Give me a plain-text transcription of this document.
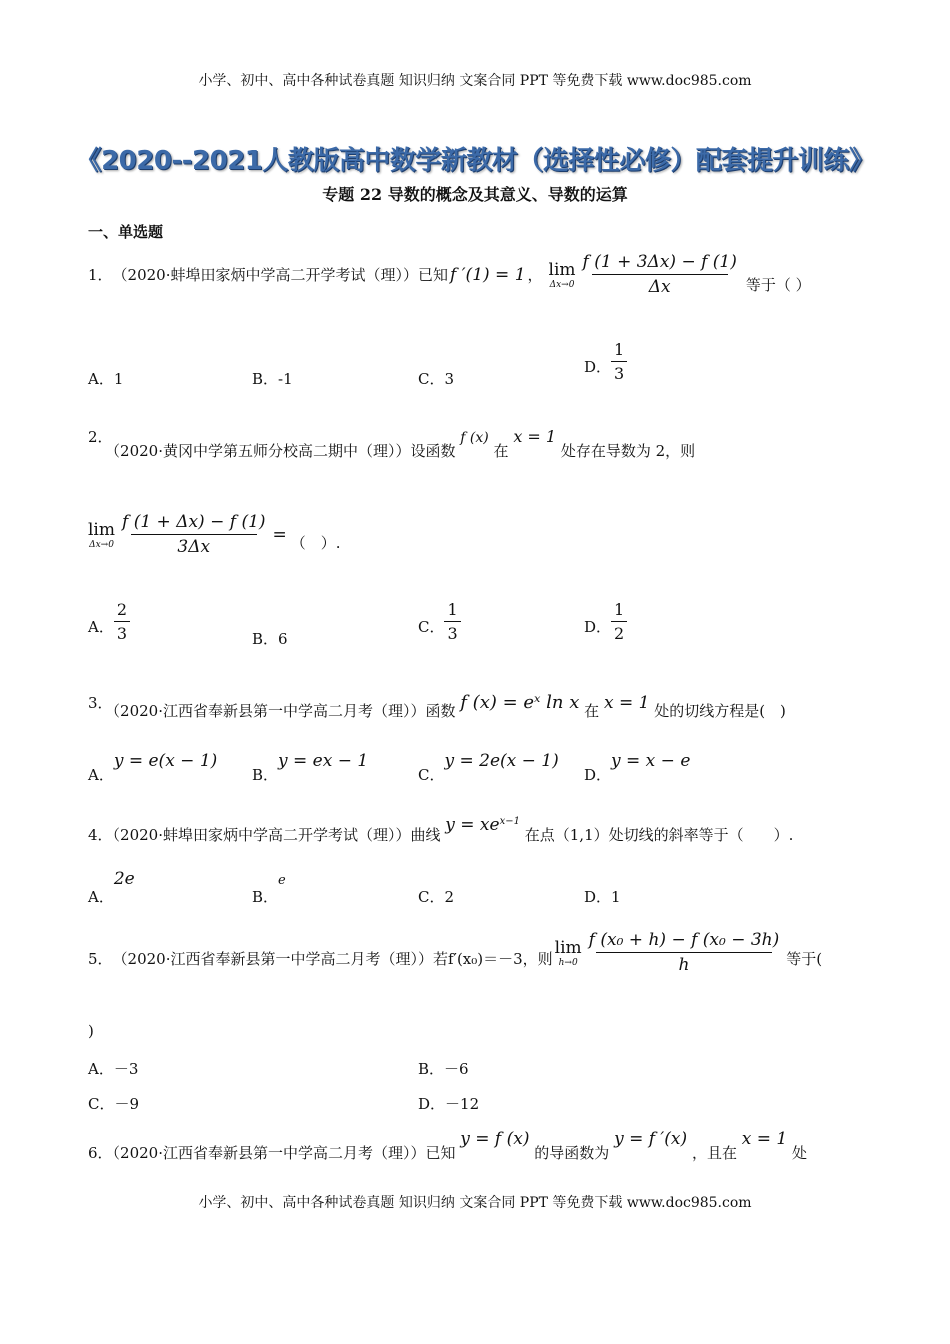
小学、初中、高中各种试卷真题 知识归纳 文案合同 PPT 等免费下载 www.doc985.com
《2020--2021人教版高中数学新教材（选择性必修）配套提升训练》
专题 22 导数的概念及其意义、导数的运算
一、单选题
1． （2020·蚌埠田家炳中学高二开学考试（理））已知 f ′(1) = 1 ， lim
$\Delta x\to 0 \frac{f (1 + 3\Delta x) - f (1)}{\Delta x}$ 等于（ ）
A．1	B．-1	C．3
D． $\frac{1}{3}$
2．（2020·黄冈中学第五师分校高二期中（理））设函数 f (x) 在 x = 1 处存在导数为 2，则
lim
$\Delta x\to 0 \frac{f (1 + \Delta x) - f (1)}{3\Delta x}$ = （　）.
A． $\frac{2}{3}$	B．6
C． $\frac{1}{3}$	D． $\frac{1}{2}$
3．（2020·江西省奉新县第一中学高二月考（理））函数 f (x) = eˣ ln x 在 x = 1 处的切线方程是(　)
A．y = e(x − 1)
B．y = ex − 1
C．y = 2e(x − 1)
D．y = x − e
4．（2020·蚌埠田家炳中学高二开学考试（理））曲线 $y = xe^{x-1}$ 在点（1,1）处切线的斜率等于（　　）.
A．2e
B．e
C．2	D．1
5． （2020·江西省奉新县第一中学高二月考（理））若f′(x₀)＝－3，则
lim
$h\to 0 \frac{\text{f (x₀ + h) − f (x₀ − 3h)}}{h}$ 等于(
)
A．－3	B．－6
C．－9	D．－12
6．（2020·江西省奉新县第一中学高二月考（理））已知 y = f (x) 的导函数为 y = f ′(x) ，且在 x = 1 处
小学、初中、高中各种试卷真题 知识归纳 文案合同 PPT 等免费下载 www.doc985.com
